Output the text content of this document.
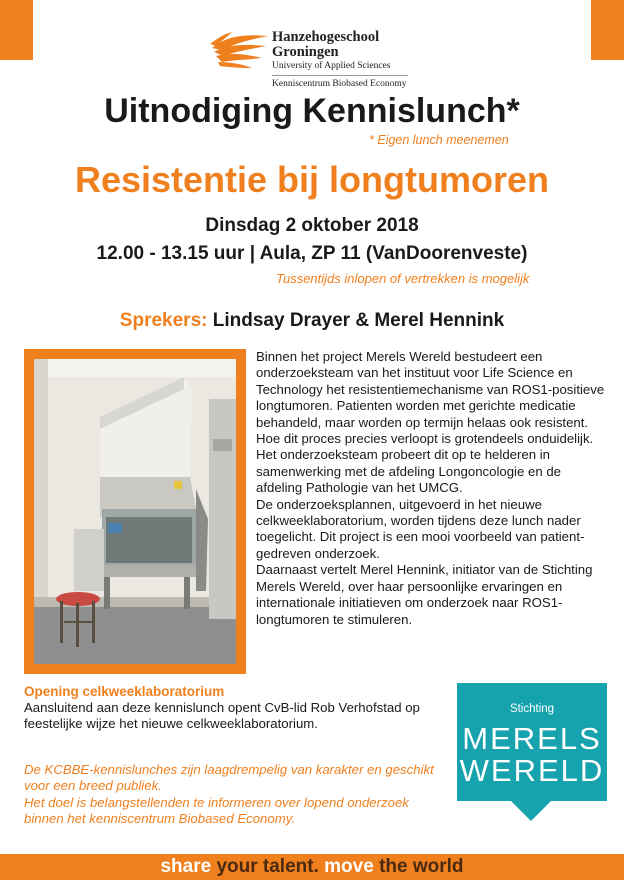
Hanzehogeschool
Groningen
University of Applied Sciences
Kenniscentrum Biobased Economy
Uitnodiging Kennislunch*
* Eigen lunch meenemen
Resistentie bij longtumoren
Dinsdag 2 oktober 2018
12.00 - 13.15 uur | Aula, ZP 11 (VanDoorenveste)
Tussentijds inlopen of vertrekken is mogelijk
Sprekers: Lindsay Drayer & Merel Hennink

Binnen het project Merels Wereld bestudeert een onderzoeksteam van het instituut voor Life Science en Technology het resistentiemechanisme van ROS1-positieve longtumoren. Patienten worden met gerichte medicatie behandeld, maar worden op termijn helaas ook resistent. Hoe dit proces precies verloopt is grotendeels onduidelijk.

Het onderzoeksteam probeert dit op te helderen in samenwerking met de afdeling Longoncologie en de afdeling Pathologie van het UMCG.

De onderzoeksplannen, uitgevoerd in het nieuwe celkweeklaboratorium, worden tijdens deze lunch nader toegelicht. Dit project is een mooi voorbeeld van patient-gedreven onderzoek.

Daarnaast vertelt Merel Hennink, initiator van de Stichting Merels Wereld, over haar persoonlijke ervaringen en internationale initiatieven om onderzoek naar ROS1-longtumoren te stimuleren.

Opening celkweeklaboratorium
Aansluitend aan deze kennislunch opent CvB-lid Rob Verhofstad op feestelijke wijze het nieuwe celkweeklaboratorium.

De KCBBE-kennislunches zijn laagdrempelig van karakter en geschikt voor een breed publiek.

Het doel is belangstellenden te informeren over lopend onderzoek binnen het kenniscentrum Biobased Economy.

Stichting
MERELS
WERELD
share your talent. move the world
